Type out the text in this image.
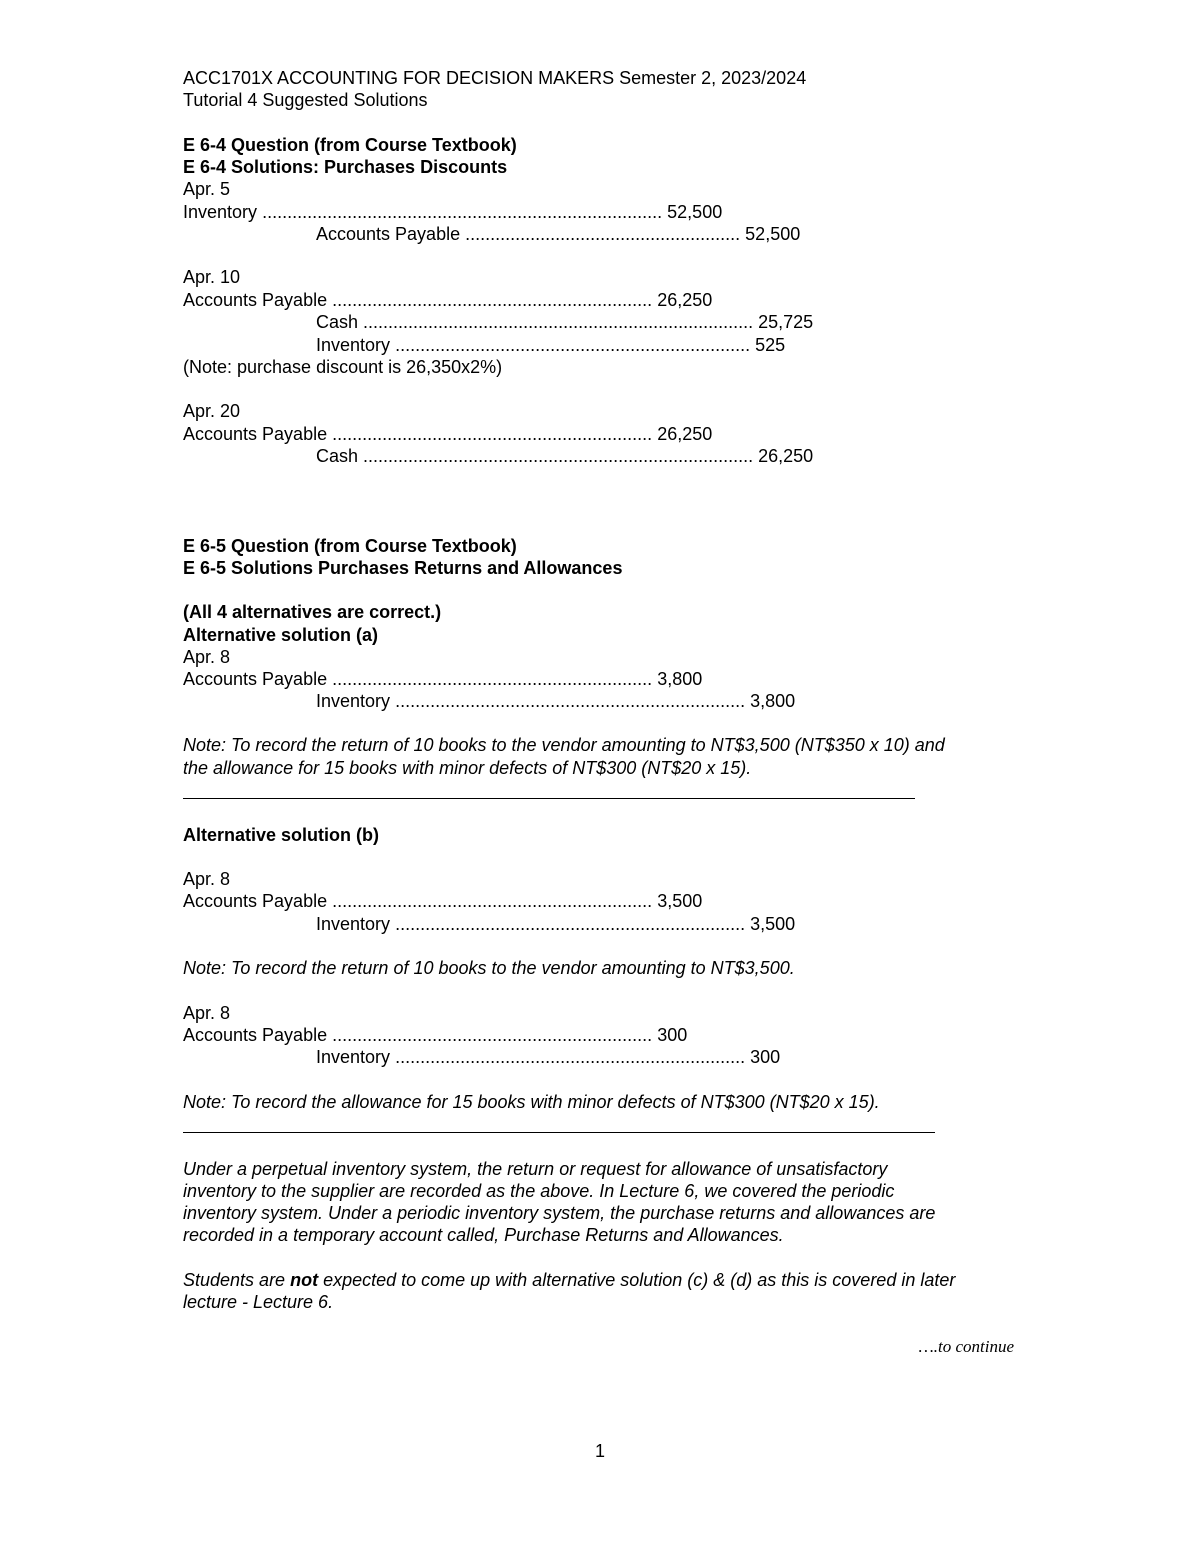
ACC1701X ACCOUNTING FOR DECISION MAKERS Semester 2, 2023/2024
Tutorial 4 Suggested Solutions
E 6-4 Question (from Course Textbook)
E 6-4 Solutions: Purchases Discounts
Apr. 5
Inventory ................................................................................ 52,500
Accounts Payable ....................................................... 52,500
Apr. 10
Accounts Payable ................................................................ 26,250
Cash .............................................................................. 25,725
Inventory ....................................................................... 525
(Note: purchase discount is 26,350x2%)
Apr. 20
Accounts Payable ................................................................ 26,250
Cash .............................................................................. 26,250
E 6-5 Question (from Course Textbook)
E 6-5 Solutions Purchases Returns and Allowances
(All 4 alternatives are correct.)
Alternative solution (a)
Apr. 8
Accounts Payable ................................................................ 3,800
Inventory ...................................................................... 3,800
Note: To record the return of 10 books to the vendor amounting to NT$3,500 (NT$350 x 10) and
the allowance for 15 books with minor defects of NT$300 (NT$20 x 15).
Alternative solution (b)
Apr. 8
Accounts Payable ................................................................ 3,500
Inventory ...................................................................... 3,500
Note: To record the return of 10 books to the vendor amounting to NT$3,500.
Apr. 8
Accounts Payable ................................................................ 300
Inventory ...................................................................... 300
Note: To record the allowance for 15 books with minor defects of NT$300 (NT$20 x 15).
Under a perpetual inventory system, the return or request for allowance of unsatisfactory
inventory to the supplier are recorded as the above. In Lecture 6, we covered the periodic
inventory system. Under a periodic inventory system, the purchase returns and allowances are
recorded in a temporary account called, Purchase Returns and Allowances.
Students are not expected to come up with alternative solution (c) & (d) as this is covered in later
lecture - Lecture 6.
….to continue
1
